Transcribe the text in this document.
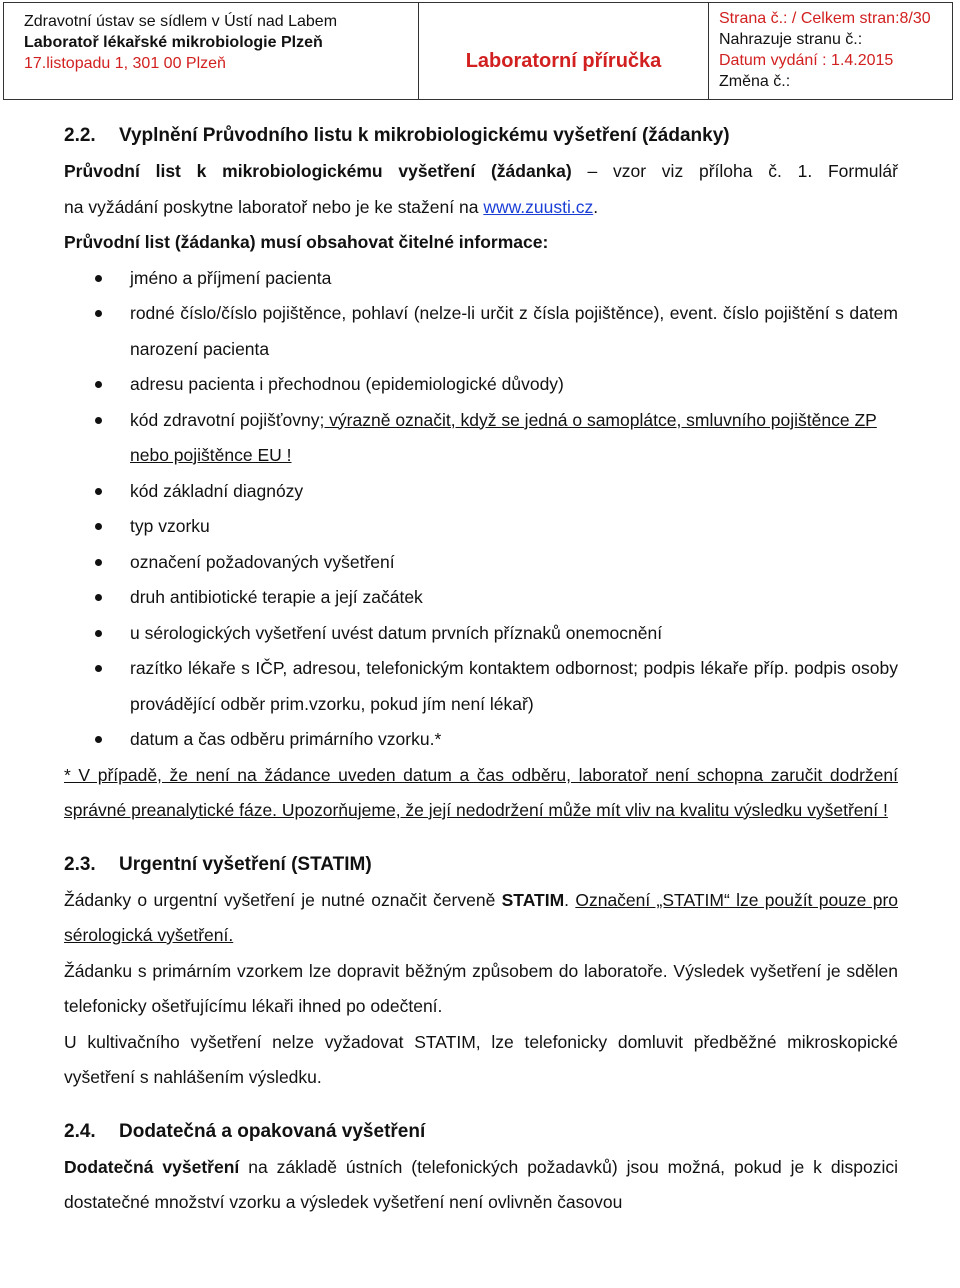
Zdravotní ústav se sídlem v Ústí nad Labem
Laboratoř lékařské mikrobiologie Plzeň
17.listopadu 1, 301 00 Plzeň	Laboratorní příručka
Strana č.: / Celkem stran:8/30
Nahrazuje stranu č.:
Datum vydání : 1.4.2015
Změna č.:
2.2. Vyplnění Průvodního listu k mikrobiologickému vyšetření (žádanky)

Průvodní list k mikrobiologickému vyšetření (žádanka) – vzor viz příloha č. 1. Formulář

na vyžádání poskytne laboratoř nebo je ke stažení na www.zuusti.cz.

Průvodní list (žádanka) musí obsahovat čitelné informace:

jméno a příjmení pacienta
rodné číslo/číslo pojištěnce, pohlaví (nelze-li určit z čísla pojištěnce), event. číslo pojištění s datem narození pacienta
adresu pacienta i přechodnou (epidemiologické důvody)
kód zdravotní pojišťovny; výrazně označit, když se jedná o samoplátce, smluvního pojištěnce ZP nebo pojištěnce EU !
kód základní diagnózy
typ vzorku
označení požadovaných vyšetření
druh antibiotické terapie a její začátek
u sérologických vyšetření uvést datum prvních příznaků onemocnění
razítko lékaře s IČP, adresou, telefonickým kontaktem odbornost; podpis lékaře příp. podpis osoby provádějící odběr prim.vzorku, pokud jím není lékař)
datum a čas odběru primárního vzorku.*

* V případě, že není na žádance uveden datum a čas odběru, laboratoř není schopna zaručit dodržení správné preanalytické fáze. Upozorňujeme, že její nedodržení může mít vliv na kvalitu výsledku vyšetření !

2.3. Urgentní vyšetření (STATIM)

Žádanky o urgentní vyšetření je nutné označit červeně STATIM. Označení „STATIM“ lze použít pouze pro sérologická vyšetření.

Žádanku s primárním vzorkem lze dopravit běžným způsobem do laboratoře. Výsledek vyšetření je sdělen telefonicky ošetřujícímu lékaři ihned po odečtení.

U kultivačního vyšetření nelze vyžadovat STATIM, lze telefonicky domluvit předběžné mikroskopické vyšetření s nahlášením výsledku.

2.4. Dodatečná a opakovaná vyšetření

Dodatečná vyšetření na základě ústních (telefonických požadavků) jsou možná, pokud je k dispozici dostatečné množství vzorku a výsledek vyšetření není ovlivněn časovou
